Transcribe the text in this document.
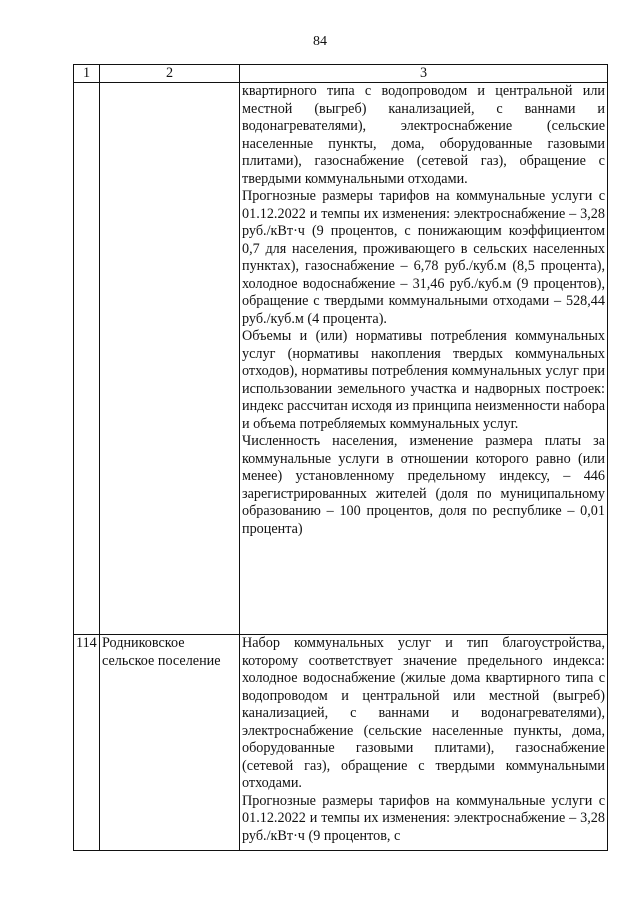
84
1	2	3

		квартирного типа с водопроводом и центральной или местной (выгреб) канализацией, с ваннами и водонагревателями), электроснабжение (сельские населенные пункты, дома, оборудованные газовыми плитами), газоснабжение (сетевой газ), обращение с твердыми коммунальными отходами.

Прогнозные размеры тарифов на коммунальные услуги с 01.12.2022 и темпы их изменения: электроснабжение – 3,28 руб./кВт·ч (9 процентов, с понижающим коэффициентом 0,7 для населения, проживающего в сельских населенных пунктах), газоснабжение – 6,78 руб./куб.м (8,5 процента), холодное водоснабжение – 31,46 руб./куб.м (9 процентов), обращение с твердыми коммунальными отходами – 528,44 руб./куб.м (4 процента).

Объемы и (или) нормативы потребления коммунальных услуг (нормативы накопления твердых коммунальных отходов), нормативы потребления коммунальных услуг при использовании земельного участка и надворных построек: индекс рассчитан исходя из принципа неизменности набора и объема потребляемых коммунальных услуг.

Численность населения, изменение размера платы за коммунальные услуги в отношении которого равно (или менее) установленному предельному индексу, – 446 зарегистрированных жителей (доля по муниципальному образованию – 100 процентов, доля по республике – 0,01 процента)

114	Родниковское сельское поселение	Набор коммунальных услуг и тип благоустройства, которому соответствует значение предельного индекса: холодное водоснабжение (жилые дома квартирного типа с водопроводом и центральной или местной (выгреб) канализацией, с ваннами и водонагревателями), электроснабжение (сельские населенные пункты, дома, оборудованные газовыми плитами), газоснабжение (сетевой газ), обращение с твердыми коммунальными отходами.

Прогнозные размеры тарифов на коммунальные услуги с 01.12.2022 и темпы их изменения: электроснабжение – 3,28 руб./кВт·ч (9 процентов, с
